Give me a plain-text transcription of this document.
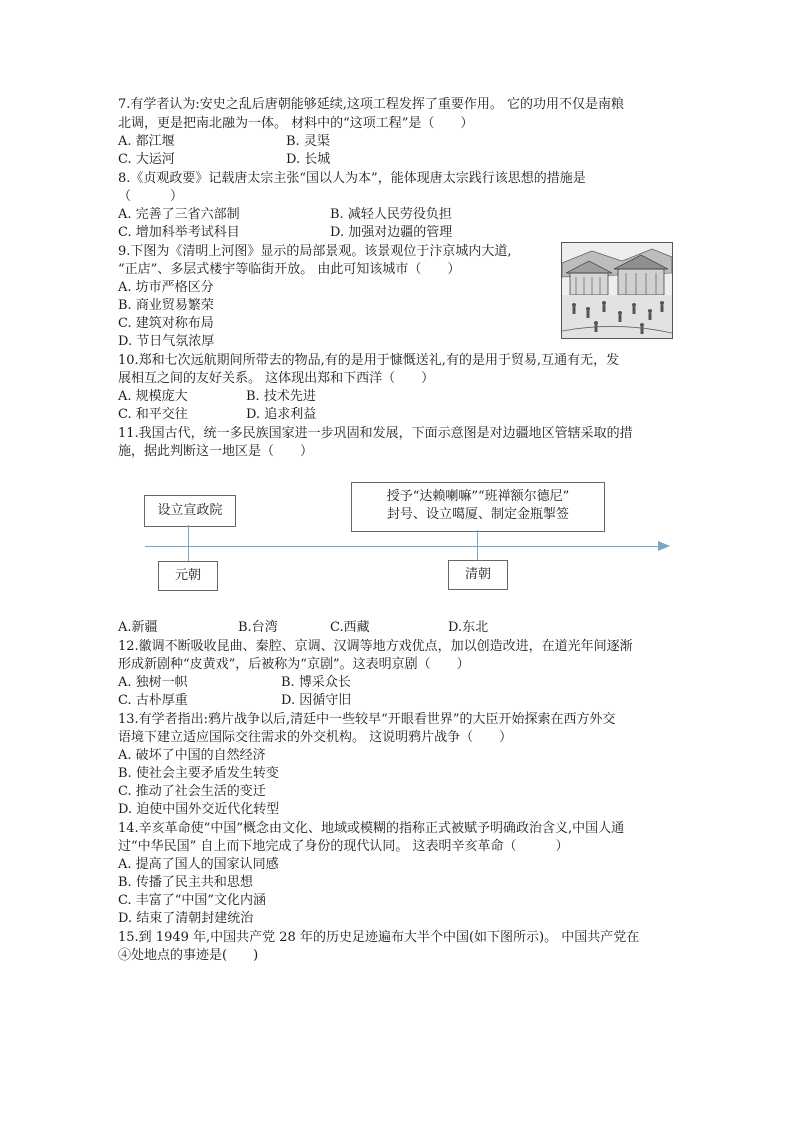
7.有学者认为:安史之乱后唐朝能够延续,这项工程发挥了重要作用。 它的功用不仅是南粮
北调，更是把南北融为一体。 材料中的“这项工程”是（　　）
A. 都江堰	B. 灵渠
C. 大运河	D. 长城
8.《贞观政要》记载唐太宗主张“国以人为本”，能体现唐太宗践行该思想的措施是
（　　　）
A. 完善了三省六部制	B. 减轻人民劳役负担
C. 增加科举考试科目	D. 加强对边疆的管理
9.下图为《清明上河图》显示的局部景观。该景观位于汴京城内大道,
“正店”、多层式楼宇等临街开放。 由此可知该城市（　　）
A. 坊市严格区分
B. 商业贸易繁荣
C. 建筑对称布局
D. 节日气氛浓厚
10.郑和七次远航期间所带去的物品,有的是用于慷慨送礼,有的是用于贸易,互通有无，发
展相互之间的友好关系。 这体现出郑和下西洋（　　）
A. 规模庞大	B. 技术先进
C. 和平交往	D. 追求利益
11.我国古代，统一多民族国家进一步巩固和发展，下面示意图是对边疆地区管辖采取的措
施，据此判断这一地区是（　　）
设立宣政院
授予“达赖喇嘛”“班禅额尔德尼”
封号、设立噶厦、制定金瓶掣签
元朝	清朝
A.新疆	B.台湾	C.西藏	D.东北
12.徽调不断吸收昆曲、秦腔、京调、汉调等地方戏优点，加以创造改进，在道光年间逐渐
形成新剧种“皮黄戏”，后被称为“京剧”。这表明京剧（　　）
A. 独树一帜	B. 博采众长
C. 古朴厚重	D. 因循守旧
13.有学者指出:鸦片战争以后,清廷中一些较早“开眼看世界”的大臣开始探索在西方外交
语境下建立适应国际交往需求的外交机构。 这说明鸦片战争（　　）
A. 破坏了中国的自然经济
B. 使社会主要矛盾发生转变
C. 推动了社会生活的变迁
D. 迫使中国外交近代化转型
14.辛亥革命使“中国”概念由文化、地域或模糊的指称正式被赋予明确政治含义,中国人通
过“中华民国” 自上而下地完成了身份的现代认同。 这表明辛亥革命（　　　）
A. 提高了国人的国家认同感
B. 传播了民主共和思想
C. 丰富了“中国”文化内涵
D. 结束了清朝封建统治
15.到 1949 年,中国共产党 28 年的历史足迹遍布大半个中国(如下图所示)。 中国共产党在
④处地点的事迹是(　　)
